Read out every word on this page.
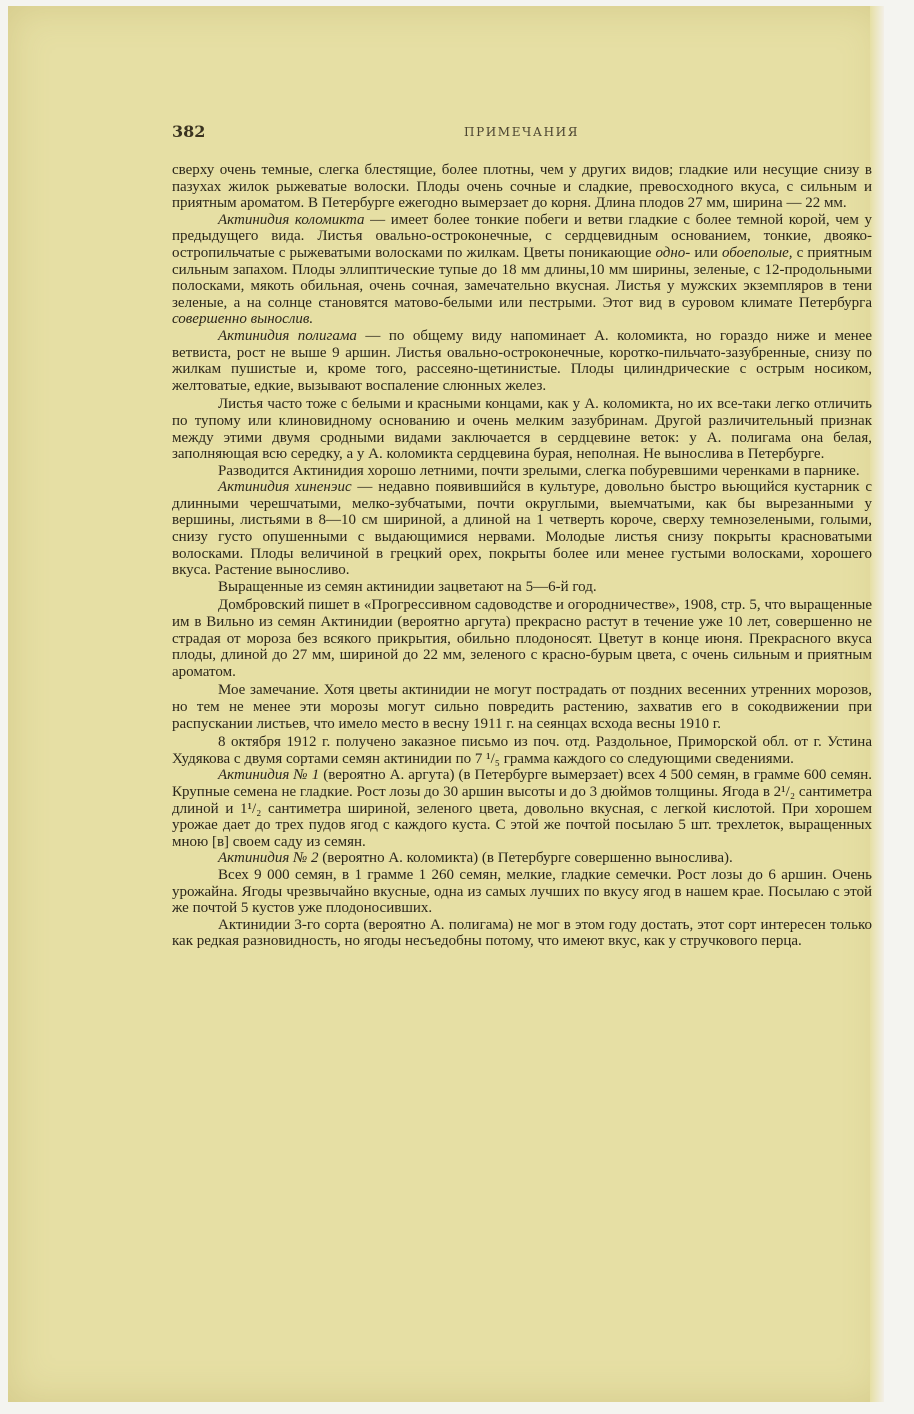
382	ПРИМЕЧАНИЯ

сверху очень темные, слегка блестящие, более плотны, чем у других видов; гладкие или несущие снизу в пазухах жилок рыжеватые волоски. Плоды очень сочные и сладкие, превосходного вкуса, с сильным и приятным ароматом. В Петербурге ежегодно вымерзает до корня. Длина плодов 27 мм, ширина — 22 мм.

Актинидия коломикта — имеет более тонкие побеги и ветви гладкие с более темной корой, чем у предыдущего вида. Листья овально-остроконечные, с сердцевидным основанием, тонкие, двояко-остропильчатые с рыжеватыми волосками по жилкам. Цветы поникающие одно- или обоеполые, с приятным сильным запахом. Плоды эллиптические тупые до 18 мм длины,10 мм ширины, зеленые, с 12-продольными полосками, мякоть обильная, очень сочная, замечательно вкусная. Листья у мужских экземпляров в тени зеленые, а на солнце становятся матово-белыми или пестрыми. Этот вид в суровом климате Петербурга совершенно вынослив.

Актинидия полигама — по общему виду напоминает А. коломикта, но гораздо ниже и менее ветвиста, рост не выше 9 аршин. Листья овально-остроконечные, коротко-пильчато-зазубренные, снизу по жилкам пушистые и, кроме того, рассеяно-щетинистые. Плоды цилиндрические с острым носиком, желтоватые, едкие, вызывают воспаление слюнных желез.

Листья часто тоже с белыми и красными концами, как у А. коломикта, но их все-таки легко отличить по тупому или клиновидному основанию и очень мелким зазубринам. Другой различительный признак между этими двумя сродными видами заключается в сердцевине веток: у А. полигама она белая, заполняющая всю середку, а у А. коломикта сердцевина бурая, неполная. Не вынослива в Петербурге.

Разводится Актинидия хорошо летними, почти зрелыми, слегка побуревшими черенками в парнике.

Актинидия хиненэис — недавно появившийся в культуре, довольно быстро вьющийся кустарник с длинными черешчатыми, мелко-зубчатыми, почти округлыми, выемчатыми, как бы вырезанными у вершины, листьями в 8—10 см шириной, а длиной на 1 четверть короче, сверху темнозелеными, голыми, снизу густо опушенными с выдающимися нервами. Молодые листья снизу покрыты красноватыми волосками. Плоды величиной в грецкий орех, покрыты более или менее густыми волосками, хорошего вкуса. Растение выносливо.

Выращенные из семян актинидии зацветают на 5—6-й год.

Домбровский пишет в «Прогрессивном садоводстве и огородничестве», 1908, стр. 5, что выращенные им в Вильно из семян Актинидии (вероятно аргута) прекрасно растут в течение уже 10 лет, совершенно не страдая от мороза без всякого прикрытия, обильно плодоносят. Цветут в конце июня. Прекрасного вкуса плоды, длиной до 27 мм, шириной до 22 мм, зеленого с красно-бурым цвета, с очень сильным и приятным ароматом.

Мое замечание. Хотя цветы актинидии не могут пострадать от поздних весенних утренних морозов, но тем не менее эти морозы могут сильно повредить растению, захватив его в сокодвижении при распускании листьев, что имело место в весну 1911 г. на сеянцах всхода весны 1910 г.

8 октября 1912 г. получено заказное письмо из поч. отд. Раздольное, Приморской обл. от г. Устина Худякова с двумя сортами семян актинидии по 7 ¹/₅ грамма каждого со следующими сведениями.

Актинидия № 1 (вероятно А. аргута) (в Петербурге вымерзает) всех 4 500 семян, в грамме 600 семян. Крупные семена не гладкие. Рост лозы до 30 аршин высоты и до 3 дюймов толщины. Ягода в 2¹/₂ сантиметра длиной и 1¹/₂ сантиметра шириной, зеленого цвета, довольно вкусная, с легкой кислотой. При хорошем урожае дает до трех пудов ягод с каждого куста. С этой же почтой посылаю 5 шт. трехлеток, выращенных мною [в] своем саду из семян.

Актинидия № 2 (вероятно А. коломикта) (в Петербурге совершенно вынослива).

Всех 9 000 семян, в 1 грамме 1 260 семян, мелкие, гладкие семечки. Рост лозы до 6 аршин. Очень урожайна. Ягоды чрезвычайно вкусные, одна из самых лучших по вкусу ягод в нашем крае. Посылаю с этой же почтой 5 кустов уже плодоносивших.

Актинидии 3-го сорта (вероятно А. полигама) не мог в этом году достать, этот сорт интересен только как редкая разновидность, но ягоды несъедобны потому, что имеют вкус, как у стручкового перца.
